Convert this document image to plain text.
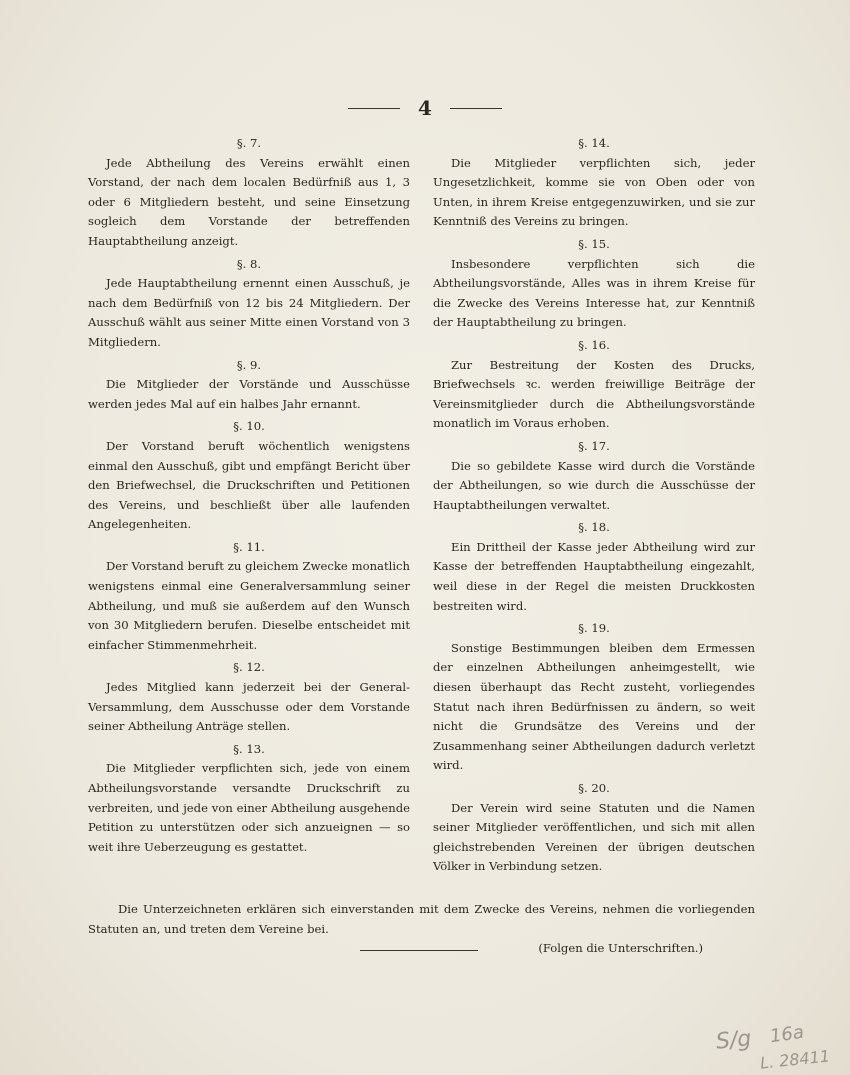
4

§. 7.

Jede Abtheilung des Vereins erwählt einen Vorstand, der nach dem localen Bedürfniß aus 1, 3 oder 6 Mitgliedern besteht, und seine Einsetzung sogleich dem Vorstande der betreffenden Hauptabtheilung anzeigt.

§. 8.

Jede Hauptabtheilung ernennt einen Ausschuß, je nach dem Bedürfniß von 12 bis 24 Mitgliedern. Der Ausschuß wählt aus seiner Mitte einen Vorstand von 3 Mitgliedern.

§. 9.

Die Mitglieder der Vorstände und Ausschüsse werden jedes Mal auf ein halbes Jahr ernannt.

§. 10.

Der Vorstand beruft wöchentlich wenigstens einmal den Ausschuß, gibt und empfängt Bericht über den Briefwechsel, die Druckschriften und Petitionen des Vereins, und beschließt über alle laufenden Angelegenheiten.

§. 11.

Der Vorstand beruft zu gleichem Zwecke monatlich wenigstens einmal eine Generalversammlung seiner Abtheilung, und muß sie außerdem auf den Wunsch von 30 Mitgliedern berufen. Dieselbe entscheidet mit einfacher Stimmenmehrheit.

§. 12.

Jedes Mitglied kann jederzeit bei der General-Versammlung, dem Ausschusse oder dem Vorstande seiner Abtheilung Anträge stellen.

§. 13.

Die Mitglieder verpflichten sich, jede von einem Abtheilungsvorstande versandte Druckschrift zu verbreiten, und jede von einer Abtheilung ausgehende Petition zu unterstützen oder sich anzueignen — so weit ihre Ueberzeugung es gestattet.

§. 14.

Die Mitglieder verpflichten sich, jeder Ungesetzlichkeit, komme sie von Oben oder von Unten, in ihrem Kreise entgegenzuwirken, und sie zur Kenntniß des Vereins zu bringen.

§. 15.

Insbesondere verpflichten sich die Abtheilungsvorstände, Alles was in ihrem Kreise für die Zwecke des Vereins Interesse hat, zur Kenntniß der Hauptabtheilung zu bringen.

§. 16.

Zur Bestreitung der Kosten des Drucks, Briefwechsels ꝛc. werden freiwillige Beiträge der Vereinsmitglieder durch die Abtheilungsvorstände monatlich im Voraus erhoben.

§. 17.

Die so gebildete Kasse wird durch die Vorstände der Abtheilungen, so wie durch die Ausschüsse der Hauptabtheilungen verwaltet.

§. 18.

Ein Drittheil der Kasse jeder Abtheilung wird zur Kasse der betreffenden Hauptabtheilung eingezahlt, weil diese in der Regel die meisten Druckkosten bestreiten wird.

§. 19.

Sonstige Bestimmungen bleiben dem Ermessen der einzelnen Abtheilungen anheimgestellt, wie diesen überhaupt das Recht zusteht, vorliegendes Statut nach ihren Bedürfnissen zu ändern, so weit nicht die Grundsätze des Vereins und der Zusammenhang seiner Abtheilungen dadurch verletzt wird.

§. 20.

Der Verein wird seine Statuten und die Namen seiner Mitglieder veröffentlichen, und sich mit allen gleichstrebenden Vereinen der übrigen deutschen Völker in Verbindung setzen.

Die Unterzeichneten erklären sich einverstanden mit dem Zwecke des Vereins, nehmen die vorliegenden Statuten an, und treten dem Vereine bei.

(Folgen die Unterschriften.)

S/g 16a
L. 28411
